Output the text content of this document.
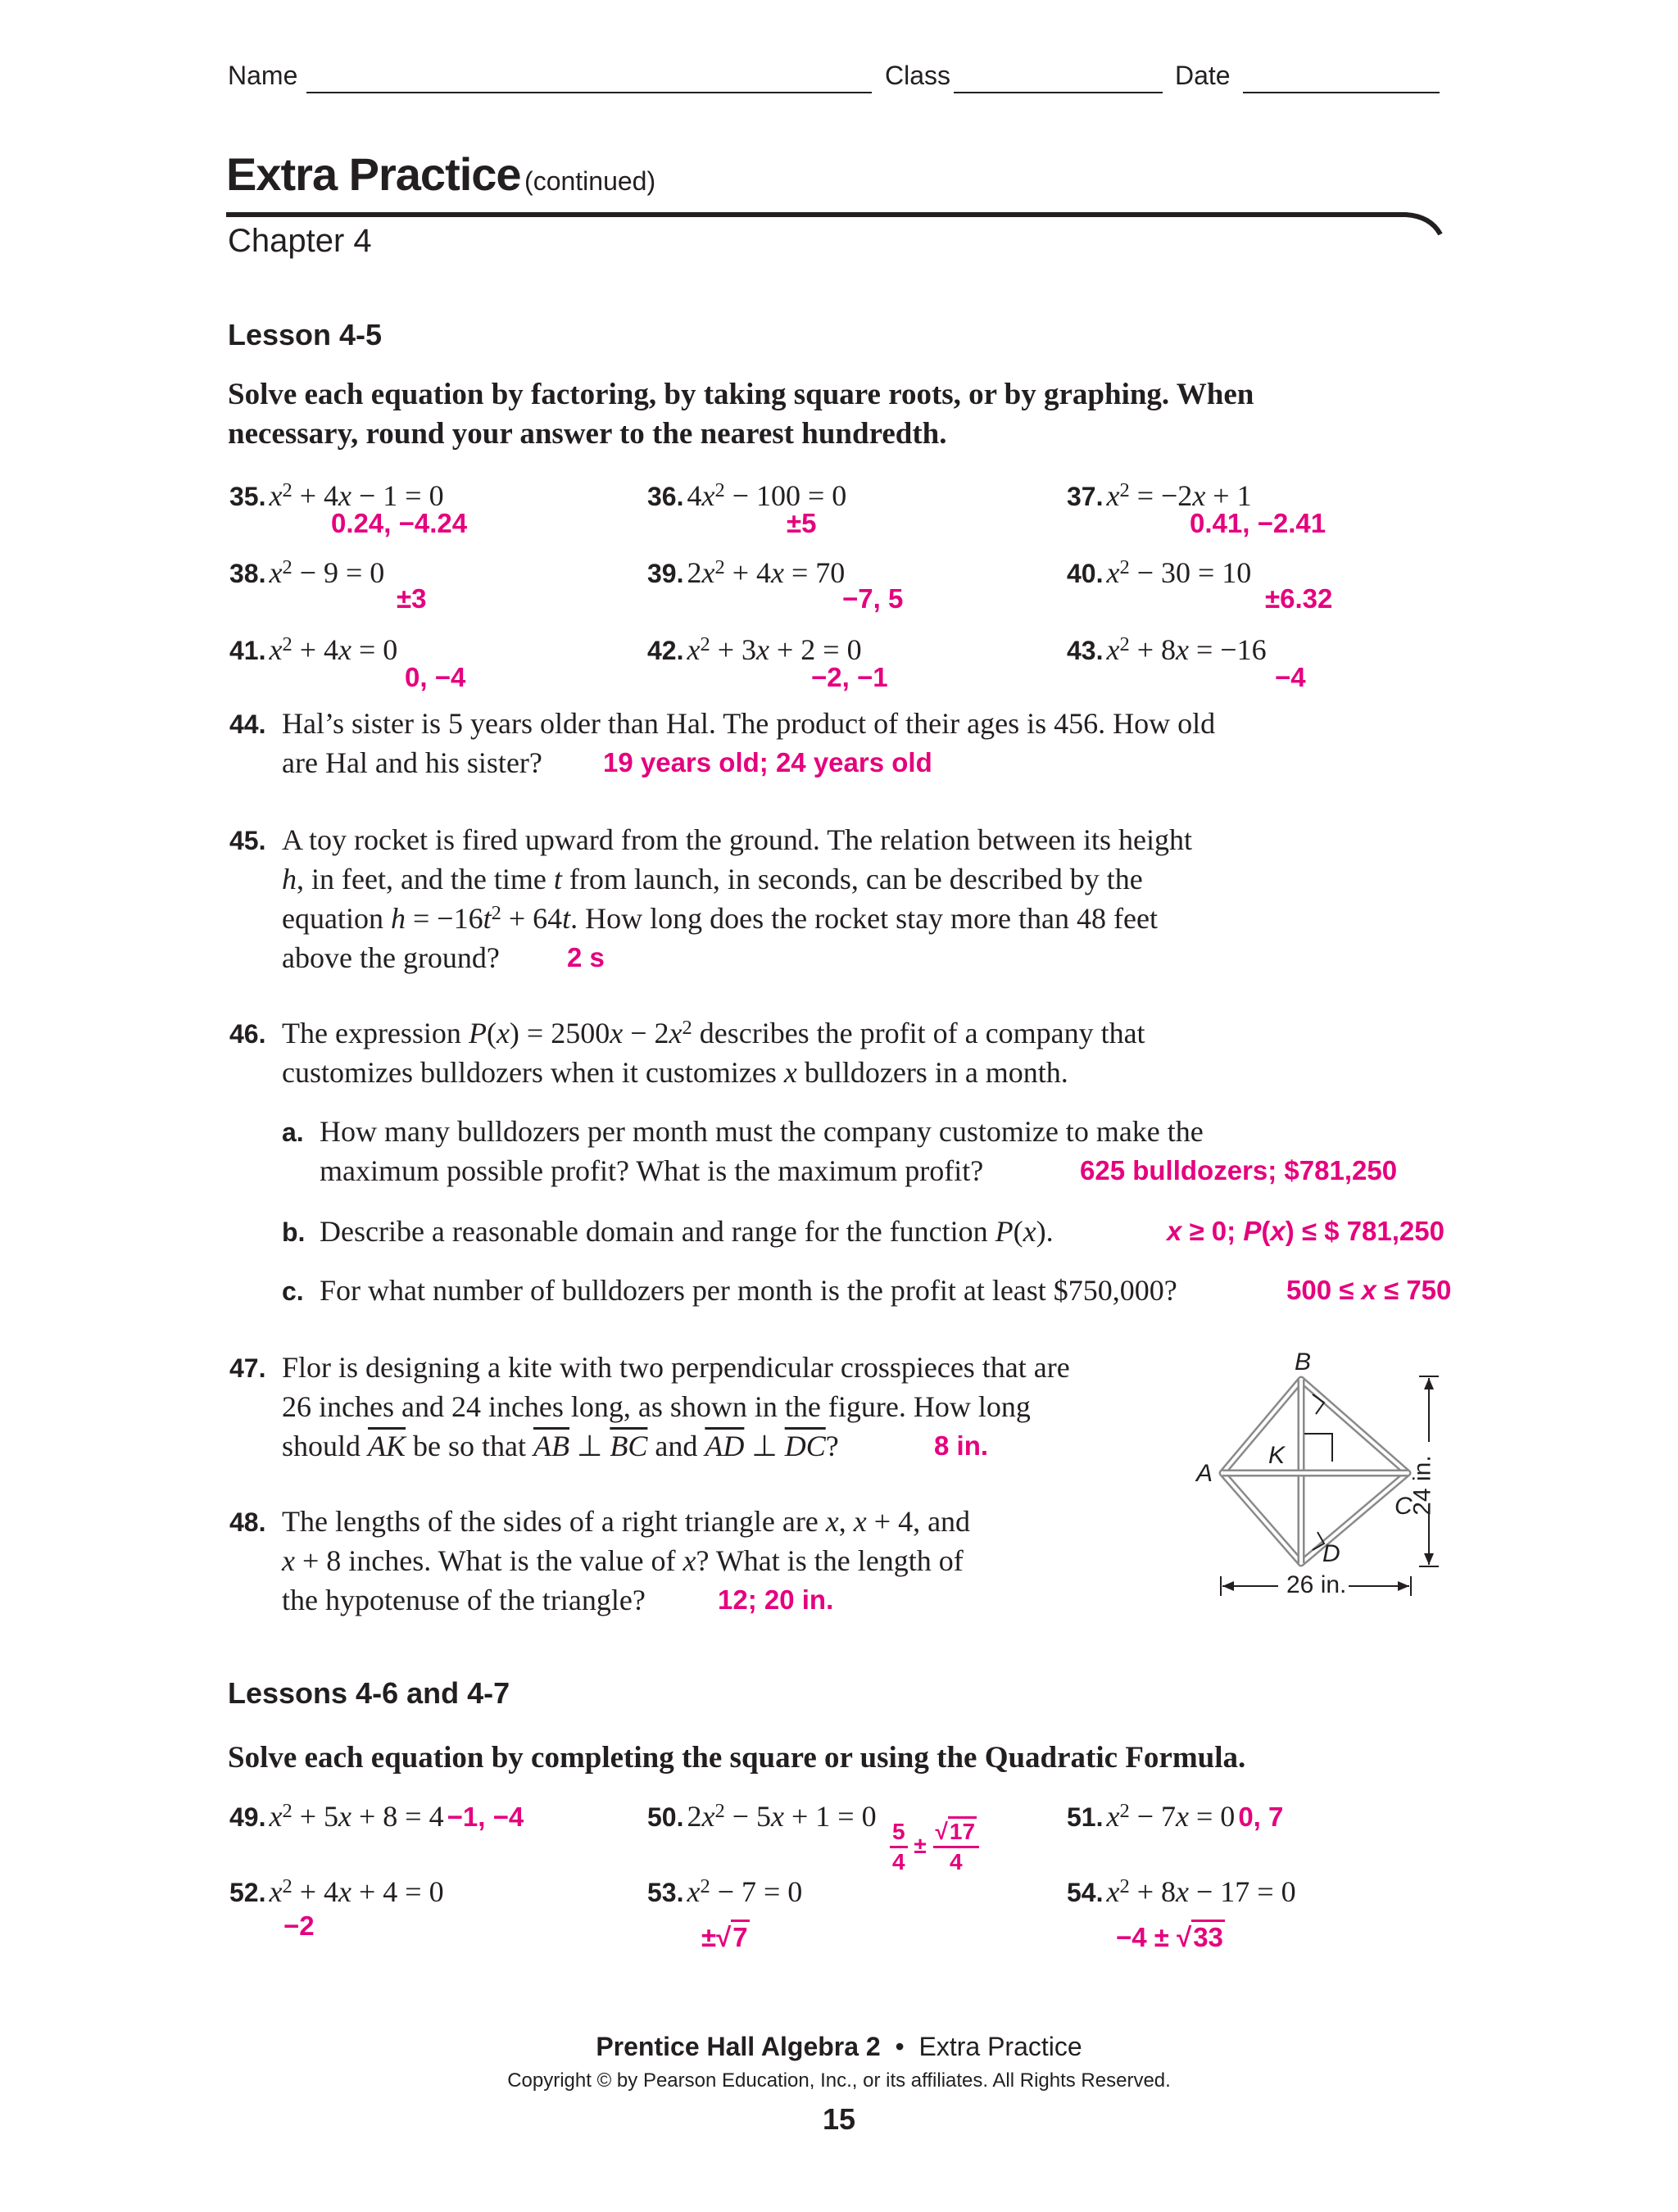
Name	Class	Date
Extra Practice (continued)
Chapter 4
Lesson 4-5
Solve each equation by factoring, by taking square roots, or by graphing. When
necessary, round your answer to the nearest hundredth.
35. $x^2 + 4x - 1 = 0$
0.24, −4.24
36. $4x^2 - 100 = 0$
±5
37. $x^2 = -2x + 1$
0.41, −2.41
38. $x^2 - 9 = 0$
±3
39. $2x^2 + 4x = 70$
−7, 5
40. $x^2 - 30 = 10$
±6.32
41. $x^2 + 4x = 0$
0, −4
42. $x^2 + 3x + 2 = 0$
−2, −1
43. $x^2 + 8x = -16$
−4
44. Hal’s sister is 5 years older than Hal. The product of their ages is 456. How old
are Hal and his sister? 19 years old; 24 years old
45. A toy rocket is fired upward from the ground. The relation between its height
h, in feet, and the time t from launch, in seconds, can be described by the
equation $h = -16t^2 + 64t$. How long does the rocket stay more than 48 feet
above the ground? 2 s
46. The expression $P(x) = 2500x - 2x^2$ describes the profit of a company that
customizes bulldozers when it customizes x bulldozers in a month.
a. How many bulldozers per month must the company customize to make the
maximum possible profit? What is the maximum profit?	625 bulldozers; $781,250
b. Describe a reasonable domain and range for the function P(x).	x ≥ 0; P(x) ≤ $ 781,250
c. For what number of bulldozers per month is the profit at least $750,000?	500 ≤ x ≤ 750
47. Flor is designing a kite with two perpendicular crosspieces that are
26 inches and 24 inches long, as shown in the figure. How long
should $\overline{AK}$ be so that $\overline{AB}$ ⊥ $\overline{BC}$ and $\overline{AD}$ ⊥ $\overline{DC}$?	8 in.
48. The lengths of the sides of a right triangle are x, x + 4, and
x + 8 inches. What is the value of x? What is the length of
the hypotenuse of the triangle?	12; 20 in.
B
A
K
C
D
26 in.
24 in.
Lessons 4-6 and 4-7
Solve each equation by completing the square or using the Quadratic Formula.
49. $x^2 + 5x + 8 = 4 -1$, −4	50. $2x^2 - 5x + 1 = 0$
$\frac{5}{4} \pm \frac{√17}{4}$
51. $x^2 - 7x = 0$ 0, 7
52. $x^2 + 4x + 4 = 0$
−2
53. $x^2 - 7 = 0$
±√7
54. $x^2 + 8x - 17 = 0$
−4 ± √33
Prentice Hall Algebra 2  •  Extra Practice
Copyright © by Pearson Education, Inc., or its affiliates. All Rights Reserved.
15
